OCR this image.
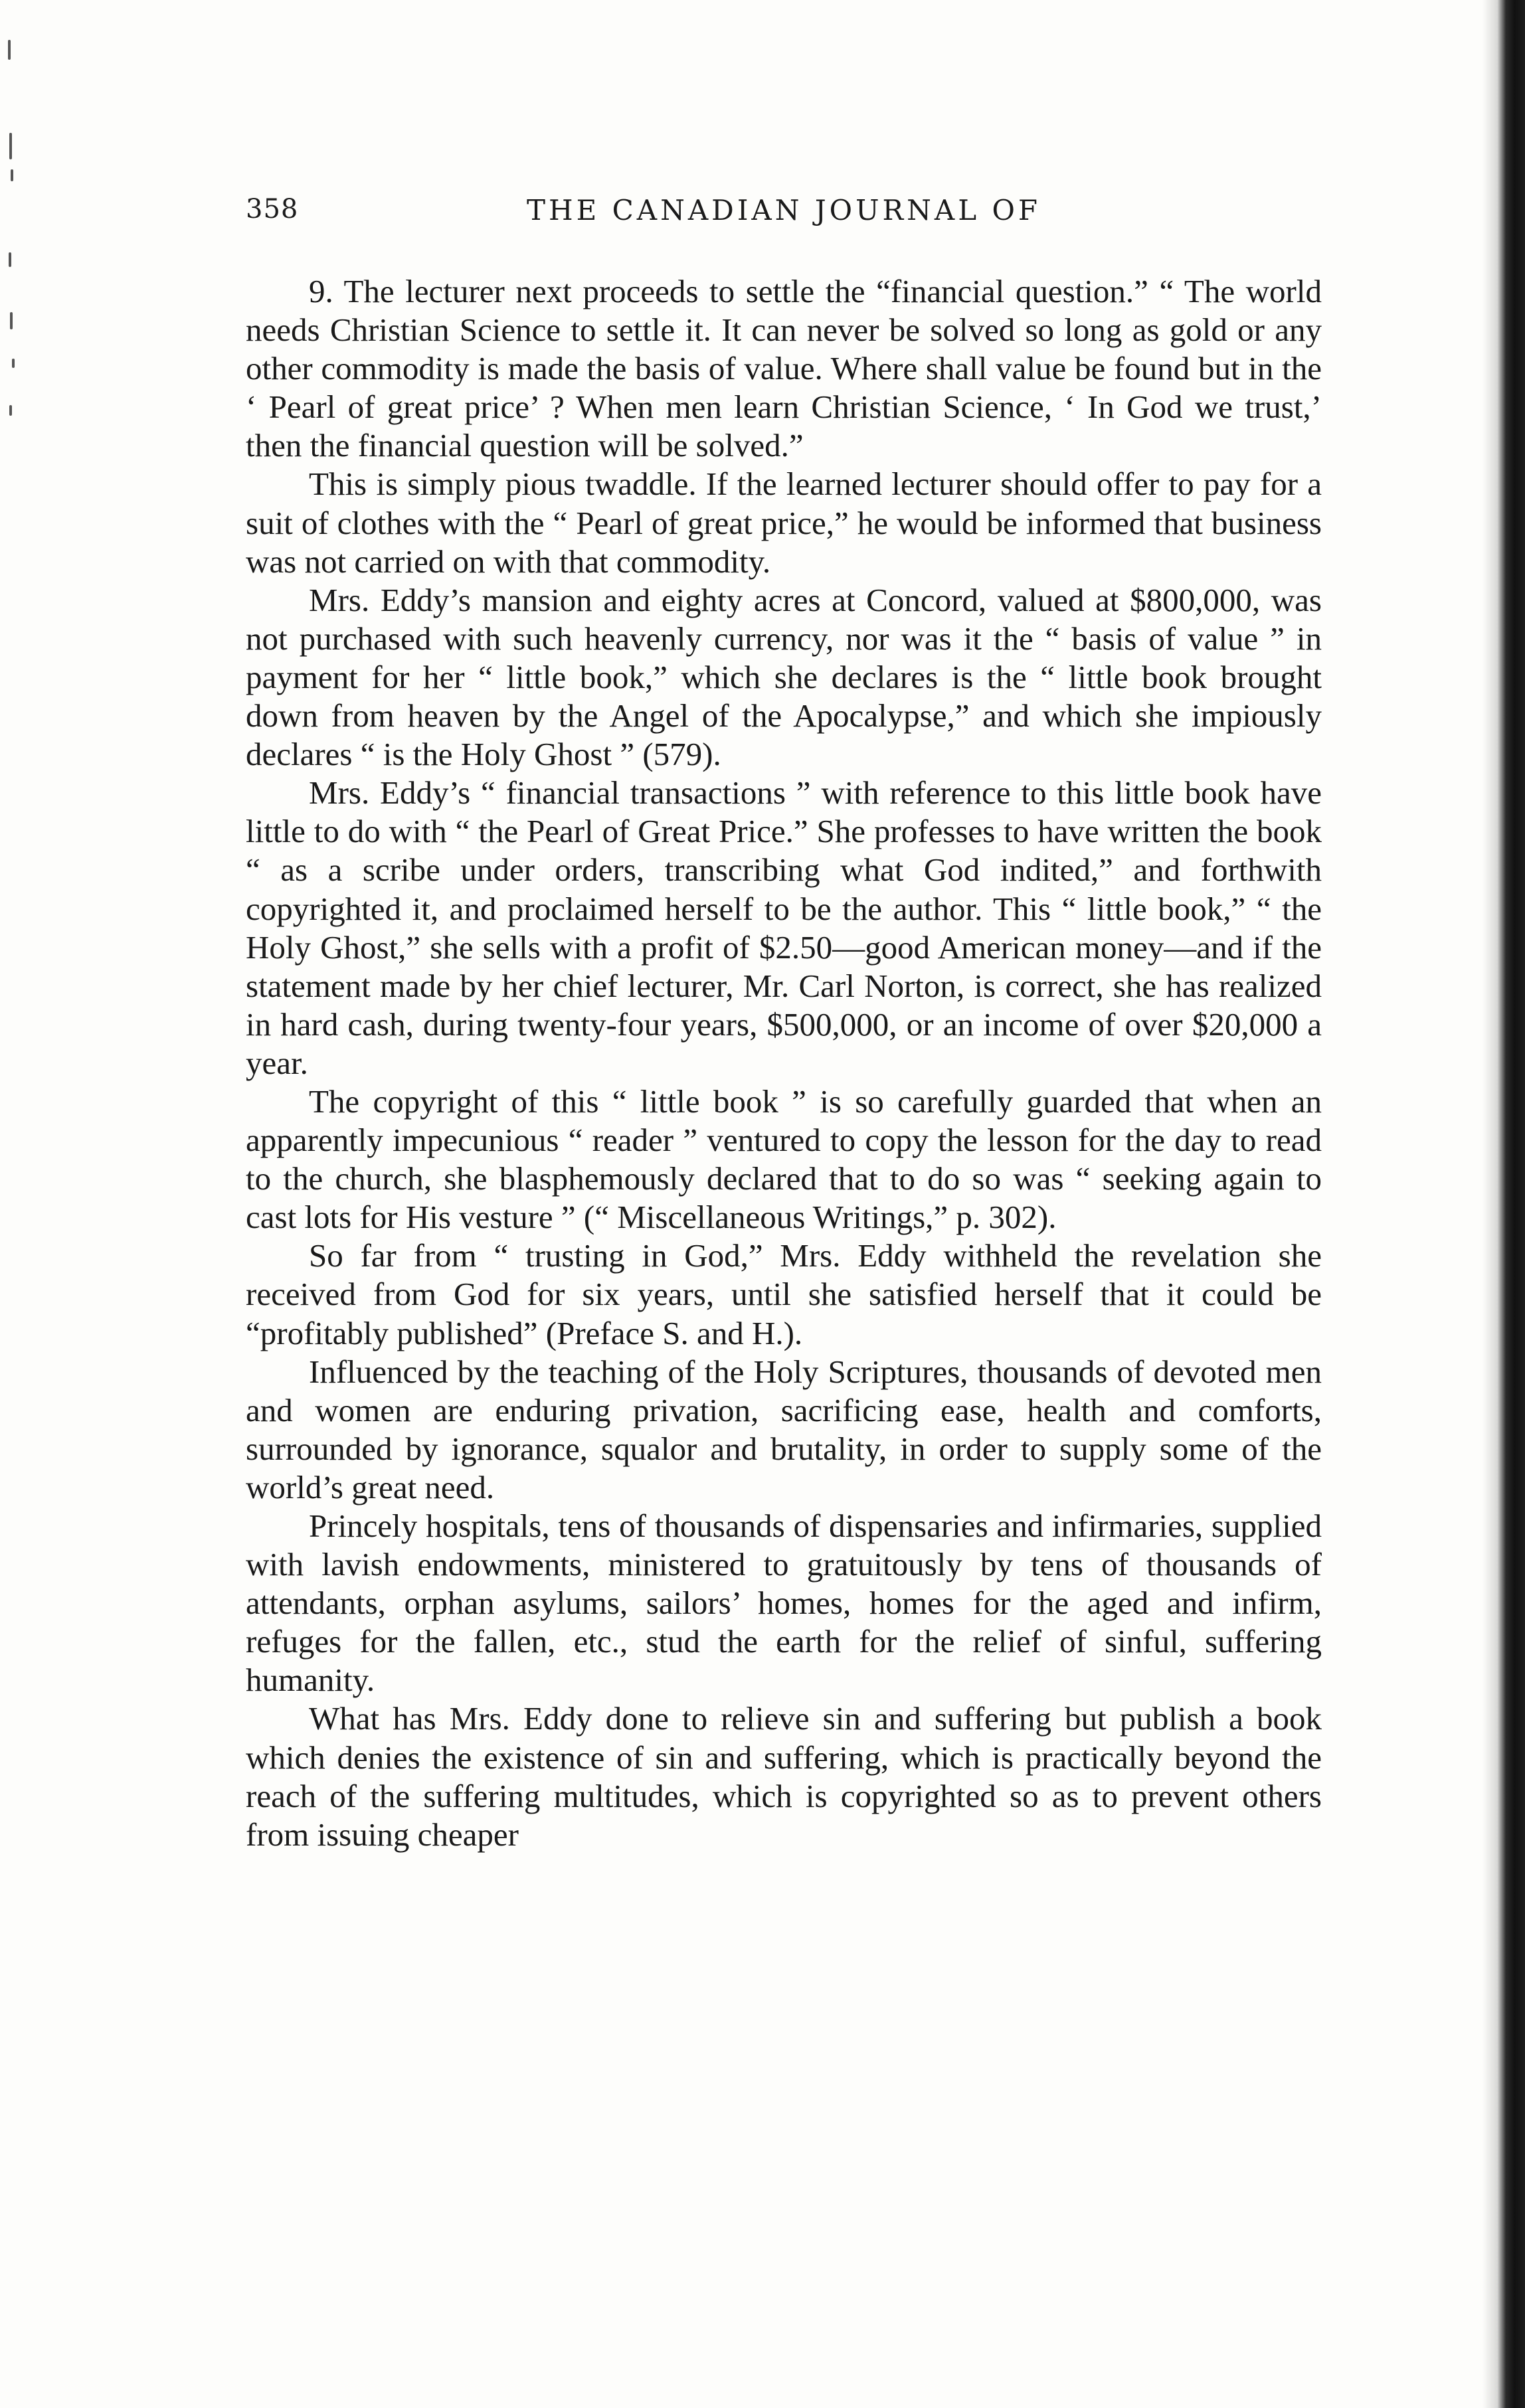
358	THE CANADIAN JOURNAL OF

9. The lecturer next proceeds to settle the “financial question.” “ The world needs Christian Science to settle it. It can never be solved so long as gold or any other commodity is made the basis of value. Where shall value be found but in the ‘ Pearl of great price’ ? When men learn Christian Science, ‘ In God we trust,’ then the financial question will be solved.”

This is simply pious twaddle. If the learned lecturer should offer to pay for a suit of clothes with the “ Pearl of great price,” he would be informed that business was not carried on with that commodity.

Mrs. Eddy’s mansion and eighty acres at Concord, valued at $800,000, was not purchased with such heavenly currency, nor was it the “ basis of value ” in payment for her “ little book,” which she declares is the “ little book brought down from heaven by the Angel of the Apocalypse,” and which she impiously declares “ is the Holy Ghost ” (579).

Mrs. Eddy’s “ financial transactions ” with reference to this little book have little to do with “ the Pearl of Great Price.” She professes to have written the book “ as a scribe under orders, transcribing what God indited,” and forthwith copyrighted it, and proclaimed herself to be the author. This “ little book,” “ the Holy Ghost,” she sells with a profit of $2.50—good American money—and if the statement made by her chief lecturer, Mr. Carl Norton, is correct, she has realized in hard cash, during twenty-four years, $500,000, or an income of over $20,000 a year.

The copyright of this “ little book ” is so carefully guarded that when an apparently impecunious “ reader ” ventured to copy the lesson for the day to read to the church, she blasphemously declared that to do so was “ seeking again to cast lots for His vesture ” (“ Miscellaneous Writings,” p. 302).

So far from “ trusting in God,” Mrs. Eddy withheld the revelation she received from God for six years, until she satisfied herself that it could be “profitably published” (Preface S. and H.).

Influenced by the teaching of the Holy Scriptures, thousands of devoted men and women are enduring privation, sacrificing ease, health and comforts, surrounded by ignorance, squalor and brutality, in order to supply some of the world’s great need.

Princely hospitals, tens of thousands of dispensaries and infirmaries, supplied with lavish endowments, ministered to gratuitously by tens of thousands of attendants, orphan asylums, sailors’ homes, homes for the aged and infirm, refuges for the fallen, etc., stud the earth for the relief of sinful, suffering humanity.

What has Mrs. Eddy done to relieve sin and suffering but publish a book which denies the existence of sin and suffering, which is practically beyond the reach of the suffering multitudes, which is copyrighted so as to prevent others from issuing cheaper
